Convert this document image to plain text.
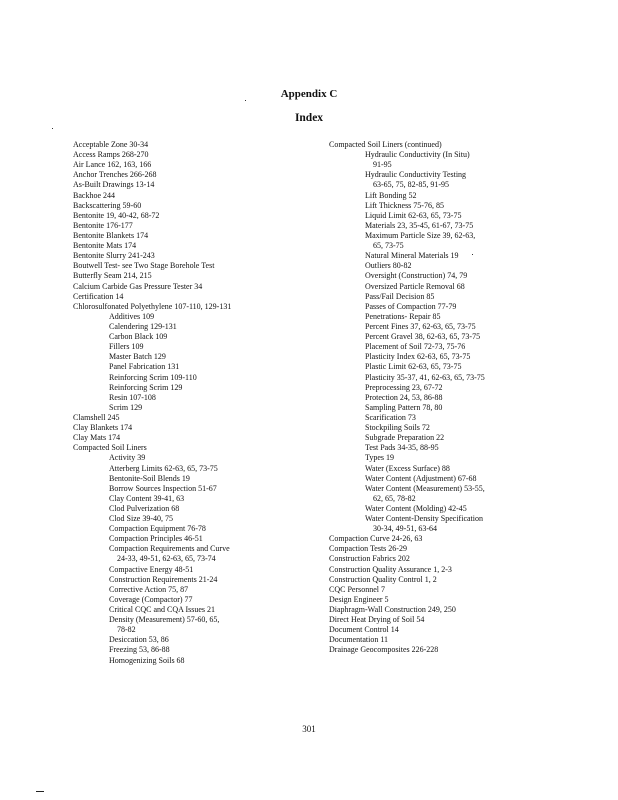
Appendix C
Index
Acceptable Zone 30-34
Access Ramps 268-270
Air Lance 162, 163, 166
Anchor Trenches 266-268
As-Built Drawings 13-14
Backhoe 244
Backscattering 59-60
Bentonite 19, 40-42, 68-72
Bentonite 176-177
Bentonite Blankets 174
Bentonite Mats 174
Bentonite Slurry 241-243
Boutwell Test- see Two Stage Borehole Test
Butterfly Seam 214, 215
Calcium Carbide Gas Pressure Tester 34
Certification 14
Chlorosulfonated Polyethylene 107-110, 129-131
Additives 109
Calendering 129-131
Carbon Black 109
Fillers 109
Master Batch 129
Panel Fabrication 131
Reinforcing Scrim 109-110
Reinforcing Scrim 129
Resin 107-108
Scrim 129
Clamshell 245
Clay Blankets 174
Clay Mats 174
Compacted Soil Liners
Activity 39
Atterberg Limits 62-63, 65, 73-75
Bentonite-Soil Blends 19
Borrow Sources Inspection 51-67
Clay Content 39-41, 63
Clod Pulverization 68
Clod Size 39-40, 75
Compaction Equipment 76-78
Compaction Principles 46-51
Compaction Requirements and Curve
24-33, 49-51, 62-63, 65, 73-74
Compactive Energy 48-51
Construction Requirements 21-24
Corrective Action 75, 87
Coverage (Compactor) 77
Critical CQC and CQA Issues 21
Density (Measurement) 57-60, 65,
78-82
Desiccation 53, 86
Freezing 53, 86-88
Homogenizing Soils 68
Compacted Soil Liners (continued)
Hydraulic Conductivity (In Situ)
91-95
Hydraulic Conductivity Testing
63-65, 75, 82-85, 91-95
Lift Bonding 52
Lift Thickness 75-76, 85
Liquid Limit 62-63, 65, 73-75
Materials 23, 35-45, 61-67, 73-75
Maximum Particle Size 39, 62-63,
65, 73-75
Natural Mineral Materials 19
Outliers 80-82
Oversight (Construction) 74, 79
Oversized Particle Removal 68
Pass/Fail Decision 85
Passes of Compaction 77-79
Penetrations- Repair 85
Percent Fines 37, 62-63, 65, 73-75
Percent Gravel 38, 62-63, 65, 73-75
Placement of Soil 72-73, 75-76
Plasticity Index 62-63, 65, 73-75
Plastic Limit 62-63, 65, 73-75
Plasticity 35-37, 41, 62-63, 65, 73-75
Preprocessing 23, 67-72
Protection 24, 53, 86-88
Sampling Pattern 78, 80
Scarification 73
Stockpiling Soils 72
Subgrade Preparation 22
Test Pads 34-35, 88-95
Types 19
Water (Excess Surface) 88
Water Content (Adjustment) 67-68
Water Content (Measurement) 53-55,
62, 65, 78-82
Water Content (Molding) 42-45
Water Content-Density Specification
30-34, 49-51, 63-64
Compaction Curve 24-26, 63
Compaction Tests 26-29
Construction Fabrics 202
Construction Quality Assurance 1, 2-3
Construction Quality Control 1, 2
CQC Personnel 7
Design Engineer 5
Diaphragm-Wall Construction 249, 250
Direct Heat Drying of Soil 54
Document Control 14
Documentation 11
Drainage Geocomposites 226-228
301
